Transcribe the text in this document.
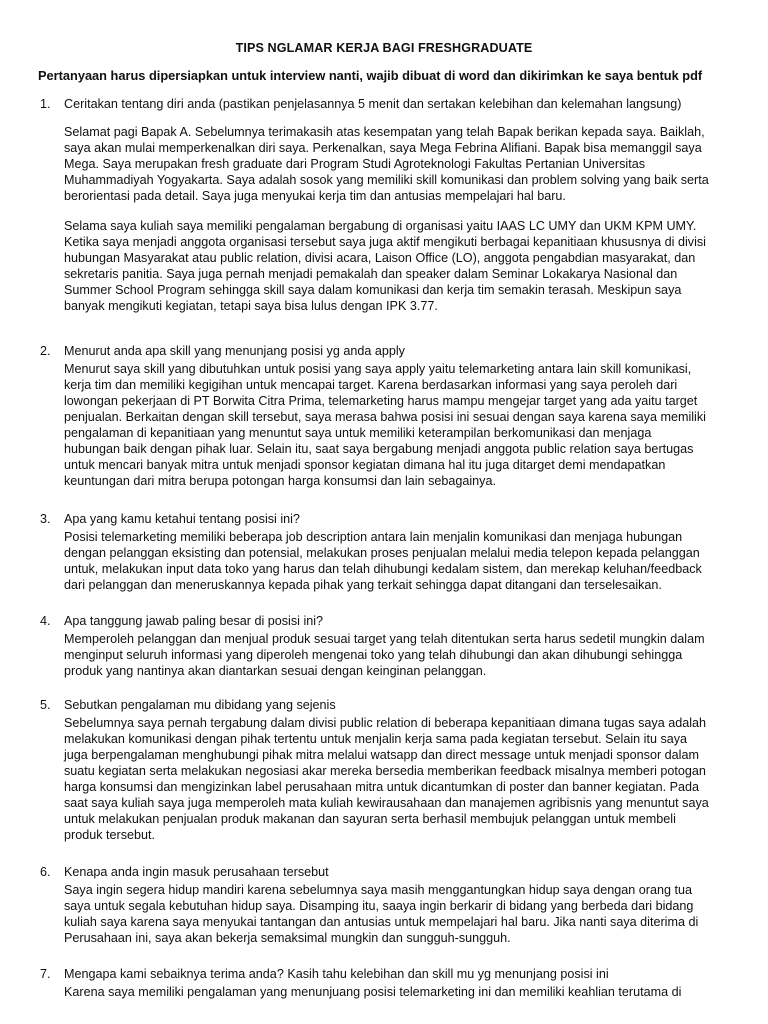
TIPS NGLAMAR KERJA BAGI FRESHGRADUATE
Pertanyaan harus dipersiapkan untuk interview nanti, wajib dibuat di word dan dikirimkan ke saya bentuk pdf
1.	Ceritakan tentang diri anda (pastikan penjelasannya 5 menit dan sertakan kelebihan dan kelemahan langsung)

Selamat pagi Bapak A. Sebelumnya terimakasih atas kesempatan yang telah Bapak berikan kepada saya. Baiklah,

saya akan mulai memperkenalkan diri saya. Perkenalkan, saya Mega Febrina Alifiani. Bapak bisa memanggil saya

Mega. Saya merupakan fresh graduate dari Program Studi Agroteknologi Fakultas Pertanian Universitas

Muhammadiyah Yogyakarta. Saya adalah sosok yang memiliki skill komunikasi dan problem solving yang baik serta

berorientasi pada detail. Saya juga menyukai kerja tim dan antusias mempelajari hal baru.

Selama saya kuliah saya memiliki pengalaman bergabung di organisasi yaitu IAAS LC UMY dan UKM KPM UMY.

Ketika saya menjadi anggota organisasi tersebut saya juga aktif mengikuti berbagai kepanitiaan khususnya di divisi

hubungan Masyarakat atau public relation, divisi acara, Laison Office (LO), anggota pengabdian masyarakat, dan

sekretaris panitia. Saya juga pernah menjadi pemakalah dan speaker dalam Seminar Lokakarya Nasional dan

Summer School Program sehingga skill saya dalam komunikasi dan kerja tim semakin terasah. Meskipun saya

banyak mengikuti kegiatan, tetapi saya bisa lulus dengan IPK 3.77.

2.	Menurut anda apa skill yang menunjang posisi yg anda apply

Menurut saya skill yang dibutuhkan untuk posisi yang saya apply yaitu telemarketing antara lain skill komunikasi,

kerja tim dan memiliki kegigihan untuk mencapai target. Karena berdasarkan informasi yang saya peroleh dari

lowongan pekerjaan di PT Borwita Citra Prima, telemarketing harus mampu mengejar target yang ada yaitu target

penjualan. Berkaitan dengan skill tersebut, saya merasa bahwa posisi ini sesuai dengan saya karena saya memiliki

pengalaman di kepanitiaan yang menuntut saya untuk memiliki keterampilan berkomunikasi dan menjaga

hubungan baik dengan pihak luar. Selain itu, saat saya bergabung menjadi anggota public relation saya bertugas

untuk mencari banyak mitra untuk menjadi sponsor kegiatan dimana hal itu juga ditarget demi mendapatkan

keuntungan dari mitra berupa potongan harga konsumsi dan lain sebagainya.

3.	Apa yang kamu ketahui tentang posisi ini?

Posisi telemarketing memiliki beberapa job description antara lain menjalin komunikasi dan menjaga hubungan

dengan pelanggan eksisting dan potensial, melakukan proses penjualan melalui media telepon kepada pelanggan

untuk, melakukan input data toko yang harus dan telah dihubungi kedalam sistem, dan merekap keluhan/feedback

dari pelanggan dan meneruskannya kepada pihak yang terkait sehingga dapat ditangani dan terselesaikan.

4.	Apa tanggung jawab paling besar di posisi ini?

Memperoleh pelanggan dan menjual produk sesuai target yang telah ditentukan serta harus sedetil mungkin dalam

menginput seluruh informasi yang diperoleh mengenai toko yang telah dihubungi dan akan dihubungi sehingga

produk yang nantinya akan diantarkan sesuai dengan keinginan pelanggan.

5.	Sebutkan pengalaman mu dibidang yang sejenis

Sebelumnya saya pernah tergabung dalam divisi public relation di beberapa kepanitiaan dimana tugas saya adalah

melakukan komunikasi dengan pihak tertentu untuk menjalin kerja sama pada kegiatan tersebut. Selain itu saya

juga berpengalaman menghubungi pihak mitra melalui watsapp dan direct message untuk menjadi sponsor dalam

suatu kegiatan serta melakukan negosiasi akar mereka bersedia memberikan feedback misalnya memberi potogan

harga konsumsi dan mengizinkan label perusahaan mitra untuk dicantumkan di poster dan banner kegiatan. Pada

saat saya kuliah saya juga memperoleh mata kuliah kewirausahaan dan manajemen agribisnis yang menuntut saya

untuk melakukan penjualan produk makanan dan sayuran serta berhasil membujuk pelanggan untuk membeli

produk tersebut.

6.	Kenapa anda ingin masuk perusahaan tersebut

Saya ingin segera hidup mandiri karena sebelumnya saya masih menggantungkan hidup saya dengan orang tua

saya untuk segala kebutuhan hidup saya. Disamping itu, saaya ingin berkarir di bidang yang berbeda dari bidang

kuliah saya karena saya menyukai tantangan dan antusias untuk mempelajari hal baru. Jika nanti saya diterima di

Perusahaan ini, saya akan bekerja semaksimal mungkin dan sungguh-sungguh.

7.	Mengapa kami sebaiknya terima anda? Kasih tahu kelebihan dan skill mu yg menunjang posisi ini

Karena saya memiliki pengalaman yang menunjuang posisi telemarketing ini dan memiliki keahlian terutama di
